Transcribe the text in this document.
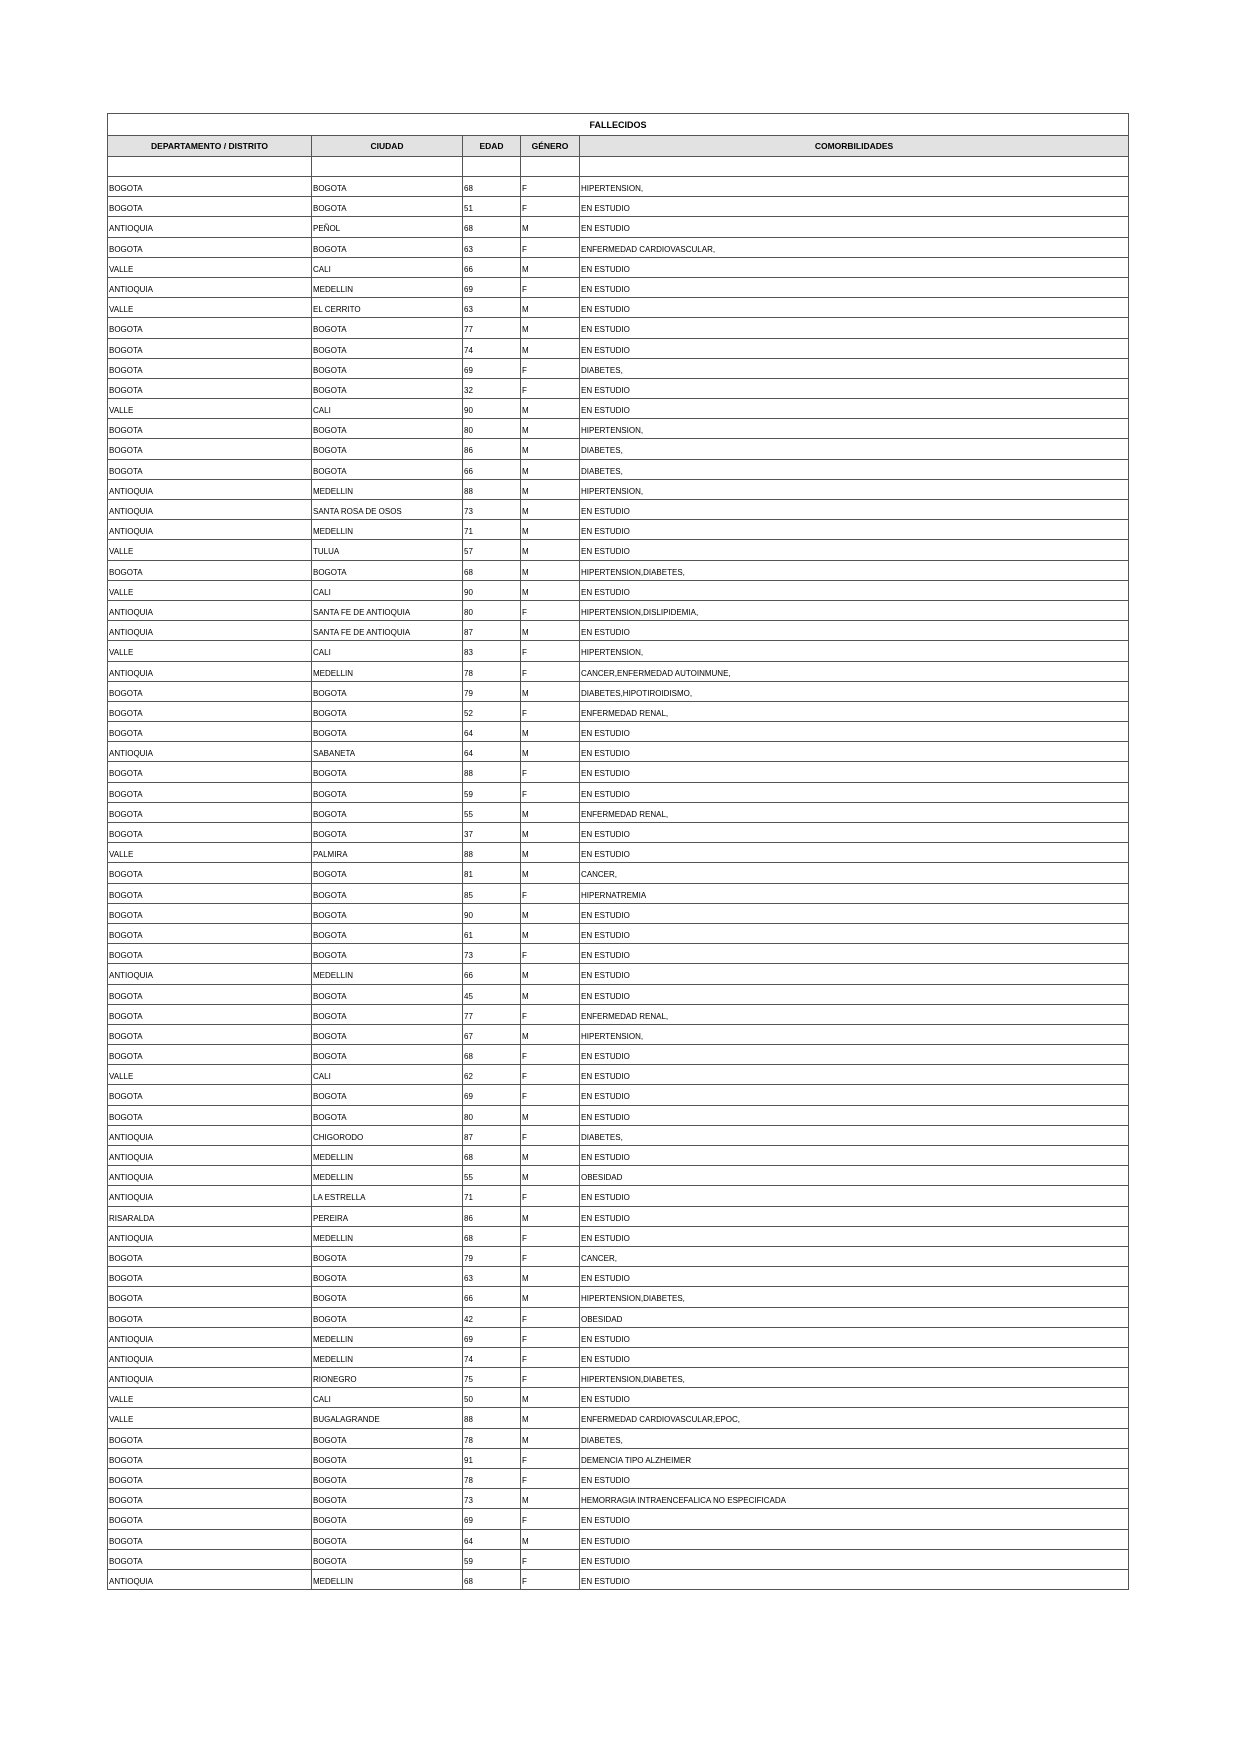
FALLECIDOS				
DEPARTAMENTO / DISTRITO	CIUDAD	EDAD	GÉNERO	COMORBILIDADES

BOGOTA	BOGOTA	68	F	HIPERTENSION,
BOGOTA	BOGOTA	51	F	EN ESTUDIO
ANTIOQUIA	PEÑOL	68	M	EN ESTUDIO
BOGOTA	BOGOTA	63	F	ENFERMEDAD CARDIOVASCULAR,
VALLE	CALI	66	M	EN ESTUDIO
ANTIOQUIA	MEDELLIN	69	F	EN ESTUDIO
VALLE	EL CERRITO	63	M	EN ESTUDIO
BOGOTA	BOGOTA	77	M	EN ESTUDIO
BOGOTA	BOGOTA	74	M	EN ESTUDIO
BOGOTA	BOGOTA	69	F	DIABETES,
BOGOTA	BOGOTA	32	F	EN ESTUDIO
VALLE	CALI	90	M	EN ESTUDIO
BOGOTA	BOGOTA	80	M	HIPERTENSION,
BOGOTA	BOGOTA	86	M	DIABETES,
BOGOTA	BOGOTA	66	M	DIABETES,
ANTIOQUIA	MEDELLIN	88	M	HIPERTENSION,
ANTIOQUIA	SANTA ROSA DE OSOS	73	M	EN ESTUDIO
ANTIOQUIA	MEDELLIN	71	M	EN ESTUDIO
VALLE	TULUA	57	M	EN ESTUDIO
BOGOTA	BOGOTA	68	M	HIPERTENSION,DIABETES,
VALLE	CALI	90	M	EN ESTUDIO
ANTIOQUIA	SANTA FE DE ANTIOQUIA	80	F	HIPERTENSION,DISLIPIDEMIA,
ANTIOQUIA	SANTA FE DE ANTIOQUIA	87	M	EN ESTUDIO
VALLE	CALI	83	F	HIPERTENSION,
ANTIOQUIA	MEDELLIN	78	F	CANCER,ENFERMEDAD AUTOINMUNE,
BOGOTA	BOGOTA	79	M	DIABETES,HIPOTIROIDISMO,
BOGOTA	BOGOTA	52	F	ENFERMEDAD RENAL,
BOGOTA	BOGOTA	64	M	EN ESTUDIO
ANTIOQUIA	SABANETA	64	M	EN ESTUDIO
BOGOTA	BOGOTA	88	F	EN ESTUDIO
BOGOTA	BOGOTA	59	F	EN ESTUDIO
BOGOTA	BOGOTA	55	M	ENFERMEDAD RENAL,
BOGOTA	BOGOTA	37	M	EN ESTUDIO
VALLE	PALMIRA	88	M	EN ESTUDIO
BOGOTA	BOGOTA	81	M	CANCER,
BOGOTA	BOGOTA	85	F	HIPERNATREMIA
BOGOTA	BOGOTA	90	M	EN ESTUDIO
BOGOTA	BOGOTA	61	M	EN ESTUDIO
BOGOTA	BOGOTA	73	F	EN ESTUDIO
ANTIOQUIA	MEDELLIN	66	M	EN ESTUDIO
BOGOTA	BOGOTA	45	M	EN ESTUDIO
BOGOTA	BOGOTA	77	F	ENFERMEDAD RENAL,
BOGOTA	BOGOTA	67	M	HIPERTENSION,
BOGOTA	BOGOTA	68	F	EN ESTUDIO
VALLE	CALI	62	F	EN ESTUDIO
BOGOTA	BOGOTA	69	F	EN ESTUDIO
BOGOTA	BOGOTA	80	M	EN ESTUDIO
ANTIOQUIA	CHIGORODO	87	F	DIABETES,
ANTIOQUIA	MEDELLIN	68	M	EN ESTUDIO
ANTIOQUIA	MEDELLIN	55	M	OBESIDAD
ANTIOQUIA	LA ESTRELLA	71	F	EN ESTUDIO
RISARALDA	PEREIRA	86	M	EN ESTUDIO
ANTIOQUIA	MEDELLIN	68	F	EN ESTUDIO
BOGOTA	BOGOTA	79	F	CANCER,
BOGOTA	BOGOTA	63	M	EN ESTUDIO
BOGOTA	BOGOTA	66	M	HIPERTENSION,DIABETES,
BOGOTA	BOGOTA	42	F	OBESIDAD
ANTIOQUIA	MEDELLIN	69	F	EN ESTUDIO
ANTIOQUIA	MEDELLIN	74	F	EN ESTUDIO
ANTIOQUIA	RIONEGRO	75	F	HIPERTENSION,DIABETES,
VALLE	CALI	50	M	EN ESTUDIO
VALLE	BUGALAGRANDE	88	M	ENFERMEDAD CARDIOVASCULAR,EPOC,
BOGOTA	BOGOTA	78	M	DIABETES,
BOGOTA	BOGOTA	91	F	DEMENCIA TIPO ALZHEIMER
BOGOTA	BOGOTA	78	F	EN ESTUDIO
BOGOTA	BOGOTA	73	M	HEMORRAGIA INTRAENCEFALICA NO ESPECIFICADA
BOGOTA	BOGOTA	69	F	EN ESTUDIO
BOGOTA	BOGOTA	64	M	EN ESTUDIO
BOGOTA	BOGOTA	59	F	EN ESTUDIO
ANTIOQUIA	MEDELLIN	68	F	EN ESTUDIO
